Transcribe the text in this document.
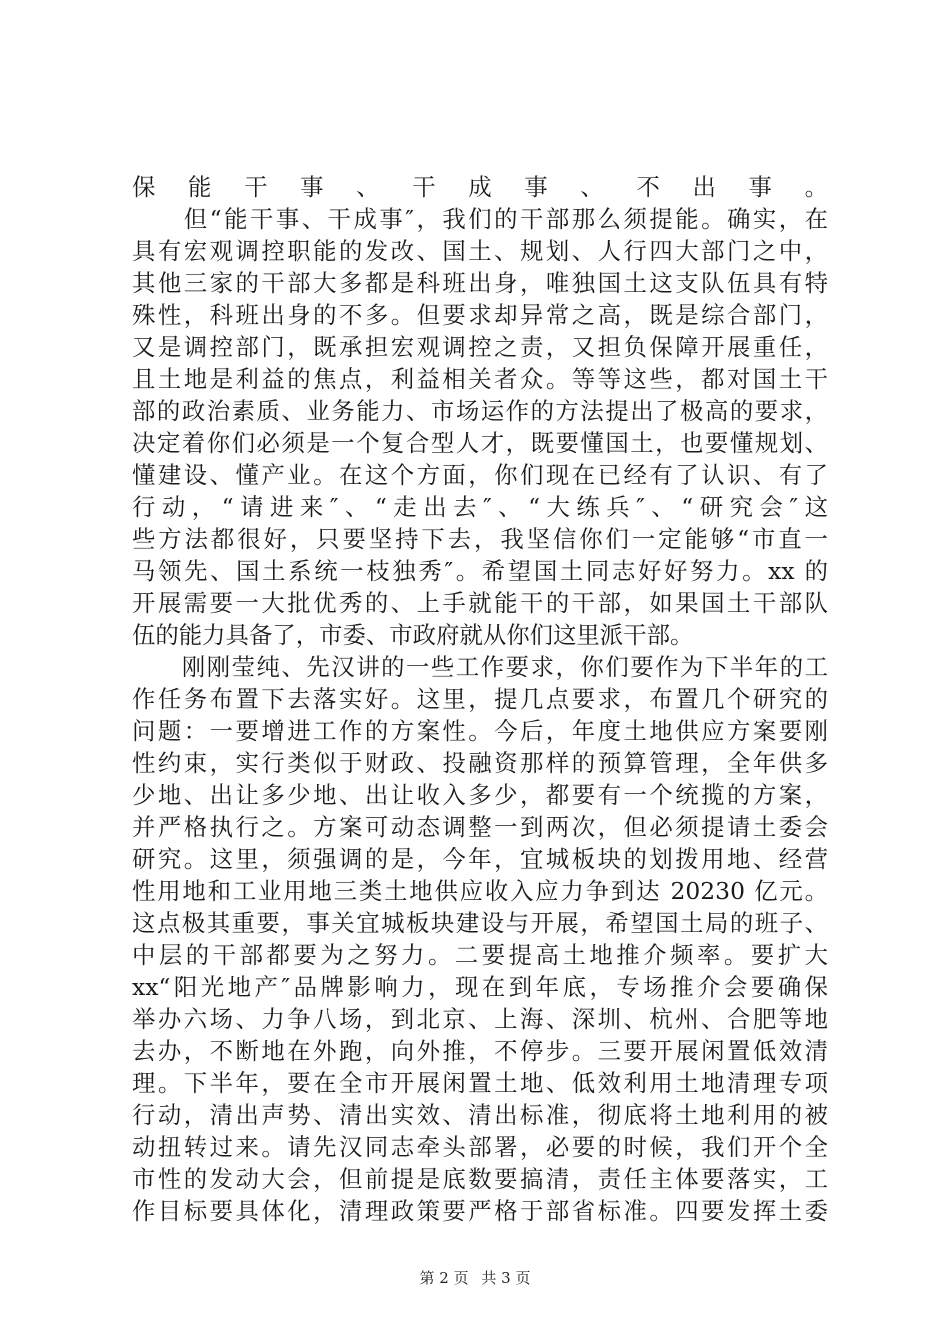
保能干事、干成事、不出事。
　　但“能干事、干成事″，我们的干部那么须提能。确实，在
具有宏观调控职能的发改、国土、规划、人行四大部门之中，
其他三家的干部大多都是科班出身，唯独国土这支队伍具有特
殊性，科班出身的不多。但要求却异常之高，既是综合部门，
又是调控部门，既承担宏观调控之责，又担负保障开展重任，
且土地是利益的焦点，利益相关者众。等等这些，都对国土干
部的政治素质、业务能力、市场运作的方法提出了极高的要求，
决定着你们必须是一个复合型人才，既要懂国土，也要懂规划、
懂建设、懂产业。在这个方面，你们现在已经有了认识、有了
行动，“请进来″、“走出去″、“大练兵″、“研究会″这
些方法都很好，只要坚持下去，我坚信你们一定能够“市直一
马领先、国土系统一枝独秀″。希望国土同志好好努力。xx 的
开展需要一大批优秀的、上手就能干的干部，如果国土干部队
伍的能力具备了，市委、市政府就从你们这里派干部。
　　刚刚莹纯、先汉讲的一些工作要求，你们要作为下半年的工
作任务布置下去落实好。这里，提几点要求，布置几个研究的
问题：一要增进工作的方案性。今后，年度土地供应方案要刚
性约束，实行类似于财政、投融资那样的预算管理，全年供多
少地、出让多少地、出让收入多少，都要有一个统揽的方案，
并严格执行之。方案可动态调整一到两次，但必须提请土委会
研究。这里，须强调的是，今年，宜城板块的划拨用地、经营
性用地和工业用地三类土地供应收入应力争到达 20230 亿元。
这点极其重要，事关宜城板块建设与开展，希望国土局的班子、
中层的干部都要为之努力。二要提高土地推介频率。要扩大
xx“阳光地产″品牌影响力，现在到年底，专场推介会要确保
举办六场、力争八场，到北京、上海、深圳、杭州、合肥等地
去办，不断地在外跑，向外推，不停步。三要开展闲置低效清
理。下半年，要在全市开展闲置土地、低效利用土地清理专项
行动，清出声势、清出实效、清出标准，彻底将土地利用的被
动扭转过来。请先汉同志牵头部署，必要的时候，我们开个全
市性的发动大会，但前提是底数要搞清，责任主体要落实，工
作目标要具体化，清理政策要严格于部省标准。四要发挥土委
第 2 页 共 3 页
